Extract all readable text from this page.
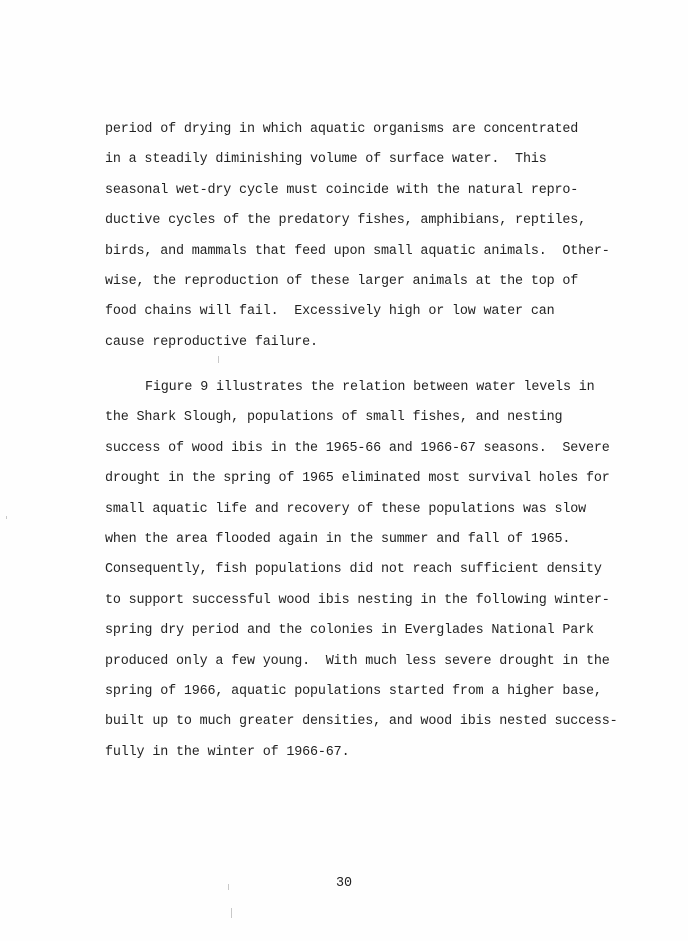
period of drying in which aquatic organisms are concentrated
in a steadily diminishing volume of surface water.  This
seasonal wet-dry cycle must coincide with the natural repro-
ductive cycles of the predatory fishes, amphibians, reptiles,
birds, and mammals that feed upon small aquatic animals.  Other-
wise, the reproduction of these larger animals at the top of
food chains will fail.  Excessively high or low water can
cause reproductive failure.
Figure 9 illustrates the relation between water levels in
the Shark Slough, populations of small fishes, and nesting
success of wood ibis in the 1965-66 and 1966-67 seasons.  Severe
drought in the spring of 1965 eliminated most survival holes for
small aquatic life and recovery of these populations was slow
when the area flooded again in the summer and fall of 1965.
Consequently, fish populations did not reach sufficient density
to support successful wood ibis nesting in the following winter-
spring dry period and the colonies in Everglades National Park
produced only a few young.  With much less severe drought in the
spring of 1966, aquatic populations started from a higher base,
built up to much greater densities, and wood ibis nested success-
fully in the winter of 1966-67.
30
